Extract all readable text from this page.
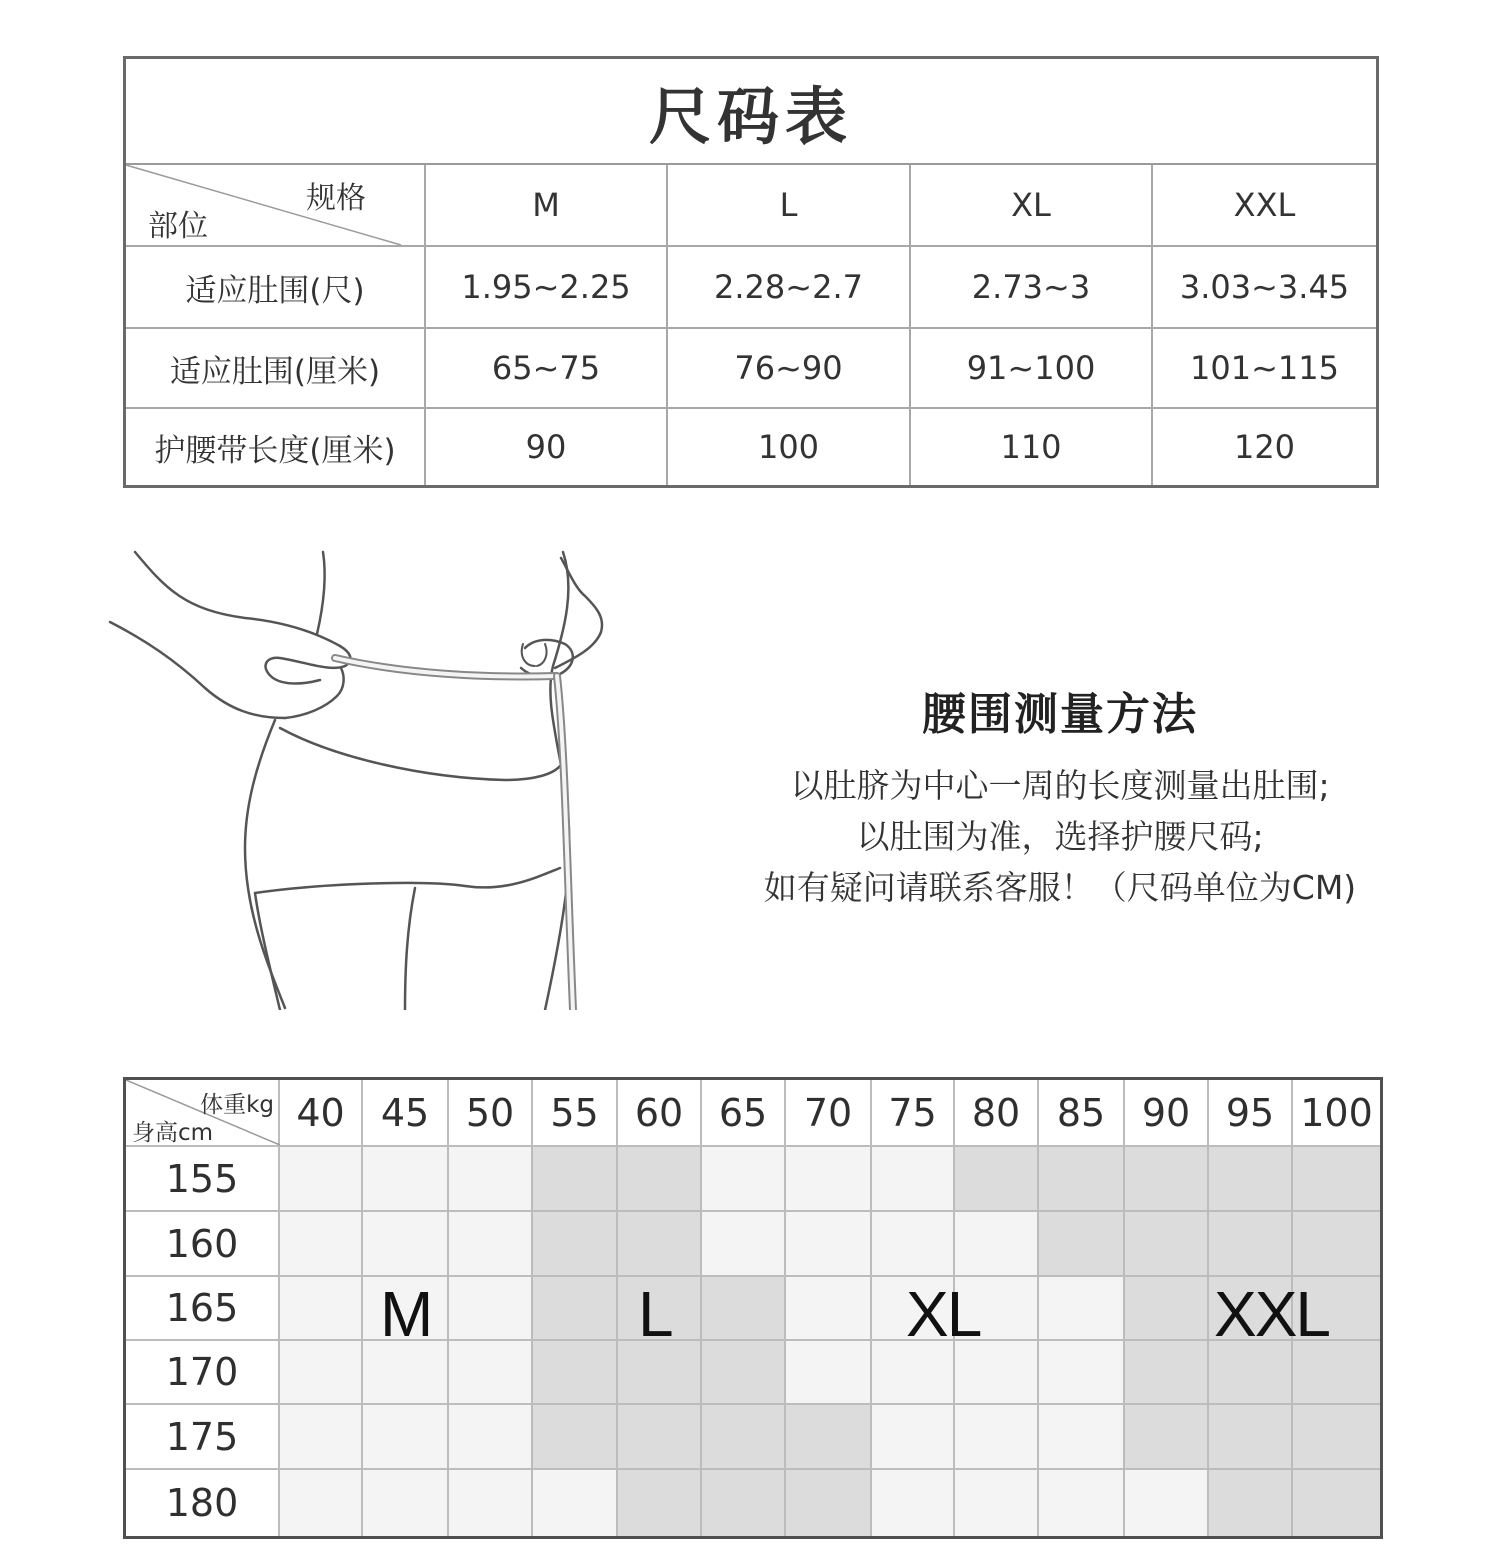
尺码表
规格
部位
M	L	XL	XXL
适应肚围(尺)	1.95~2.25	2.28~2.7	2.73~3	3.03~3.45
适应肚围(厘米)	65~75	76~90	91~100	101~115
护腰带长度(厘米)	90	100	110	120
腰围测量方法
以肚脐为中心一周的长度测量出肚围;
以肚围为准，选择护腰尺码;
如有疑问请联系客服！（尺码单位为CM)
体重kg
身高cm	40 45 50 55 60 65 70 75 80 85 90 95 100
155
160
165
170
175
180
M	L	XL	XXL
